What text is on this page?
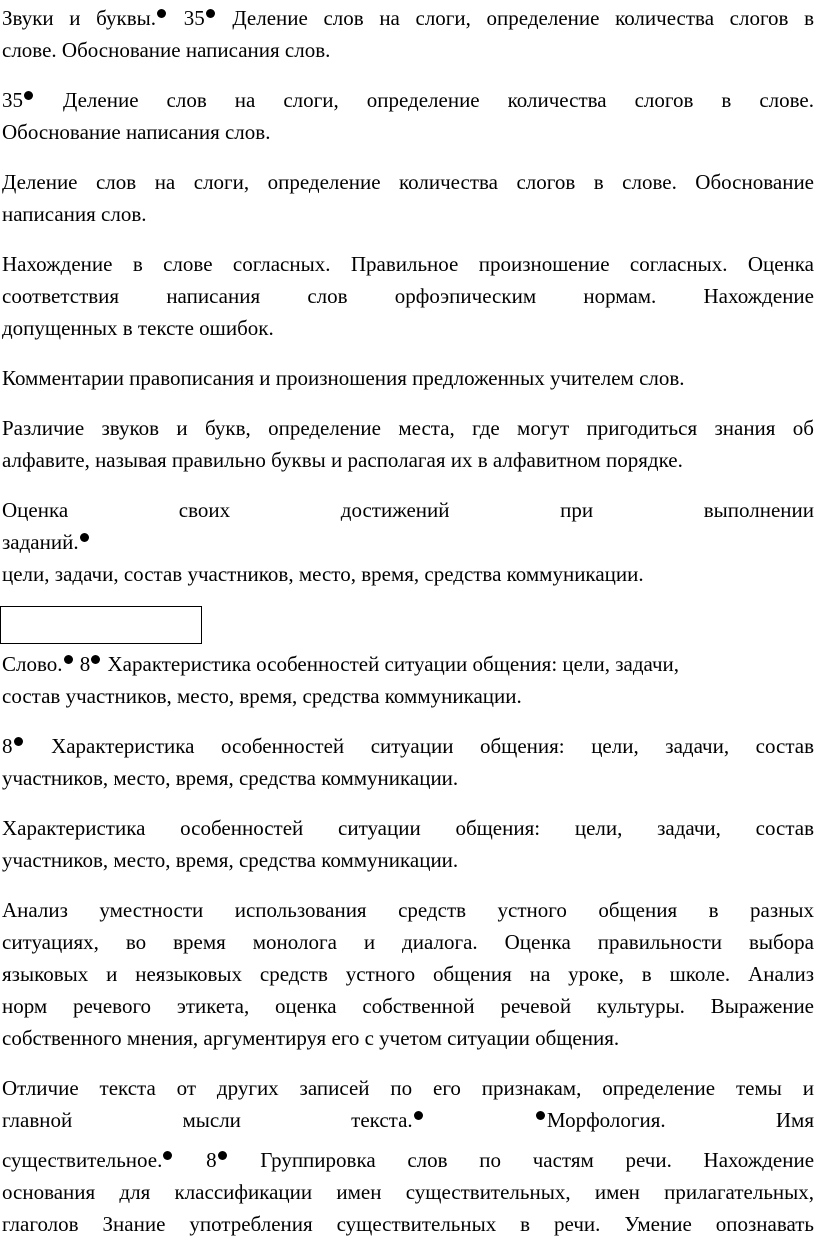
Звуки и буквы. 35 Деление слов на слоги, определение количества слогов в
слове. Обоснование написания слов.
35 Деление слов на слоги, определение количества слогов в слове.
Обоснование написания слов.
Деление слов на слоги, определение количества слогов в слове. Обоснование
написания слов.
Нахождение в слове согласных. Правильное произношение согласных. Оценка
соответствия написания слов орфоэпическим нормам. Нахождение
допущенных в тексте ошибок.
Комментарии правописания и произношения предложенных учителем слов.
Различие звуков и букв, определение места, где могут пригодиться знания об
алфавите, называя правильно буквы и располагая их в алфавитном порядке.
Оценка своих достижений при выполнении
заданий.
цели, задачи, состав участников, место, время, средства коммуникации.
Слово. 8 Характеристика особенностей ситуации общения: цели, задачи,
состав участников, место, время, средства коммуникации.
8 Характеристика особенностей ситуации общения: цели, задачи, состав
участников, место, время, средства коммуникации.
Характеристика особенностей ситуации общения: цели, задачи, состав
участников, место, время, средства коммуникации.
Анализ уместности использования средств устного общения в разных
ситуациях, во время монолога и диалога. Оценка правильности выбора
языковых и неязыковых средств устного общения на уроке, в школе. Анализ
норм речевого этикета, оценка собственной речевой культуры. Выражение
собственного мнения, аргументируя его с учетом ситуации общения.
Отличие текста от других записей по его признакам, определение темы и
главной мысли текста.	Морфология. Имя
существительное. 8 Группировка слов по частям речи. Нахождение
основания для классификации имен существительных, имен прилагательных,
глаголов Знание употребления существительных в речи. Умение опознавать
